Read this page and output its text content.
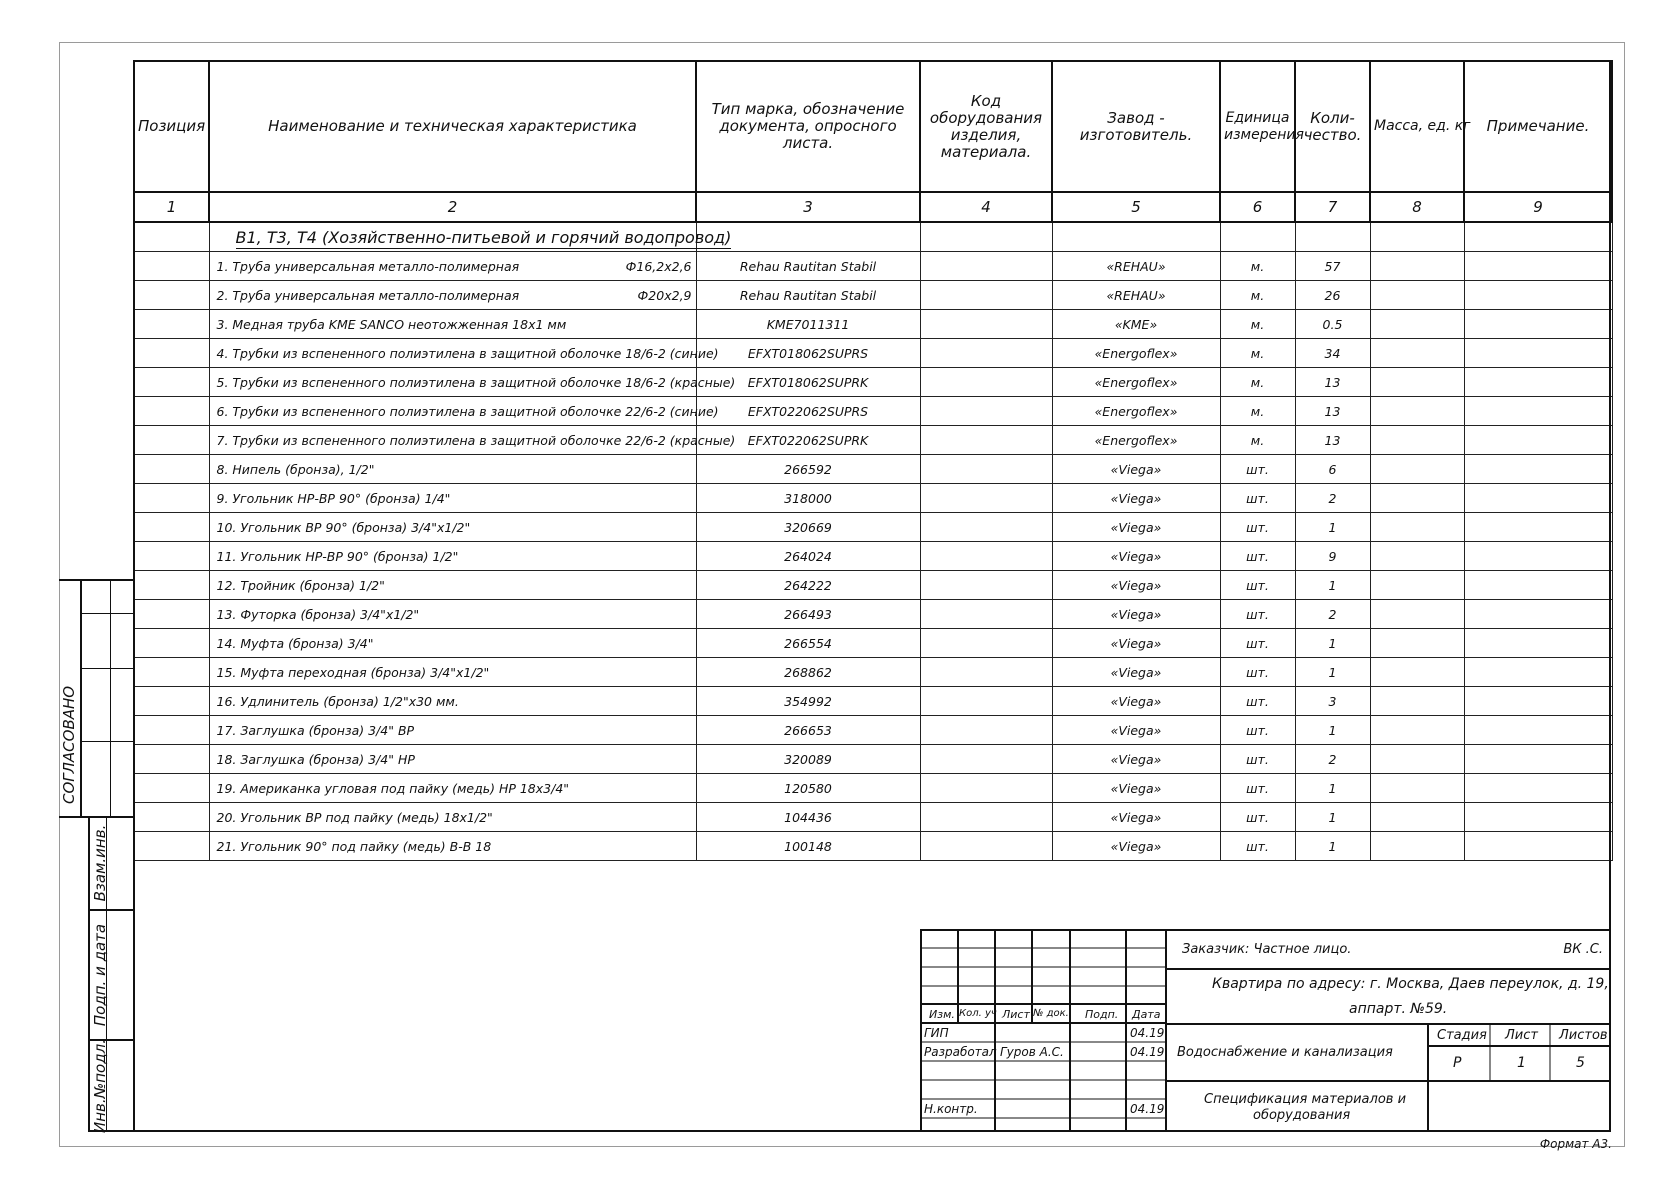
Позиция	Наименование и техническая характеристика	Тип марка, обозначение документа, опросного листа.	Код оборудования изделия, материала.	Завод - изготовитель.	Единица измерения	Коли- чество.	Масса, ед. кг	Примечание.
1	2	3	4	5	6	7	8	9
	В1, Т3, Т4 (Хозяйственно-питьевой и горячий водопровод)							
	1. Труба универсальная металло-полимерная Ф16,2х2,6	Rehau Rautitan Stabil		«REHAU»	м.	57		
	2. Труба универсальная металло-полимерная Ф20х2,9	Rehau Rautitan Stabil		«REHAU»	м.	26		
	3. Медная труба KME SANCO неотожженная 18х1 мм	KME7011311		«KME»	м.	0.5		
	4. Трубки из вспененного полиэтилена в защитной оболочке 18/6-2 (синие)	EFXT018062SUPRS		«Energoflex»	м.	34		
	5. Трубки из вспененного полиэтилена в защитной оболочке 18/6-2 (красные)	EFXT018062SUPRK		«Energoflex»	м.	13		
	6. Трубки из вспененного полиэтилена в защитной оболочке 22/6-2 (синие)	EFXT022062SUPRS		«Energoflex»	м.	13		
	7. Трубки из вспененного полиэтилена в защитной оболочке 22/6-2 (красные)	EFXT022062SUPRK		«Energoflex»	м.	13		
	8. Нипель (бронза), 1/2"	266592		«Viega»	шт.	6		
	9. Угольник НР-ВР 90° (бронза) 1/4"	318000		«Viega»	шт.	2		
	10. Угольник ВР 90° (бронза) 3/4"х1/2"	320669		«Viega»	шт.	1		
	11. Угольник НР-ВР 90° (бронза) 1/2"	264024		«Viega»	шт.	9		
	12. Тройник (бронза) 1/2"	264222		«Viega»	шт.	1		
	13. Футорка (бронза) 3/4"х1/2"	266493		«Viega»	шт.	2		
	14. Муфта (бронза) 3/4"	266554		«Viega»	шт.	1		
	15. Муфта переходная (бронза) 3/4"х1/2"	268862		«Viega»	шт.	1		
	16. Удлинитель (бронза) 1/2"х30 мм.	354992		«Viega»	шт.	3		
	17. Заглушка (бронза) 3/4" ВР	266653		«Viega»	шт.	1		
	18. Заглушка (бронза) 3/4" НР	320089		«Viega»	шт.	2		
	19. Американка угловая под пайку (медь) НР 18х3/4"	120580		«Viega»	шт.	1		
	20. Угольник ВР под пайку (медь) 18х1/2"	104436		«Viega»	шт.	1		
	21. Угольник 90° под пайку (медь) В-В 18	100148		«Viega»	шт.	1		
СОГЛАСОВАНО
Взам.инв.
Подп. и дата
Инв.№подл.
Заказчик: Частное лицо.	ВК .С.
Квартира по адресу: г. Москва, Даев переулок, д. 19,
аппарт. №59.
Изм. Кол. уч Лист № док. Подп. Дата
ГИП	04.19
Разработал Гуров А.С.	04.19
Н.контр.	04.19
Водоснабжение и канализация
Стадия Лист Листов
Р	1	5
Спецификация материалов и
оборудования
Формат А3.
